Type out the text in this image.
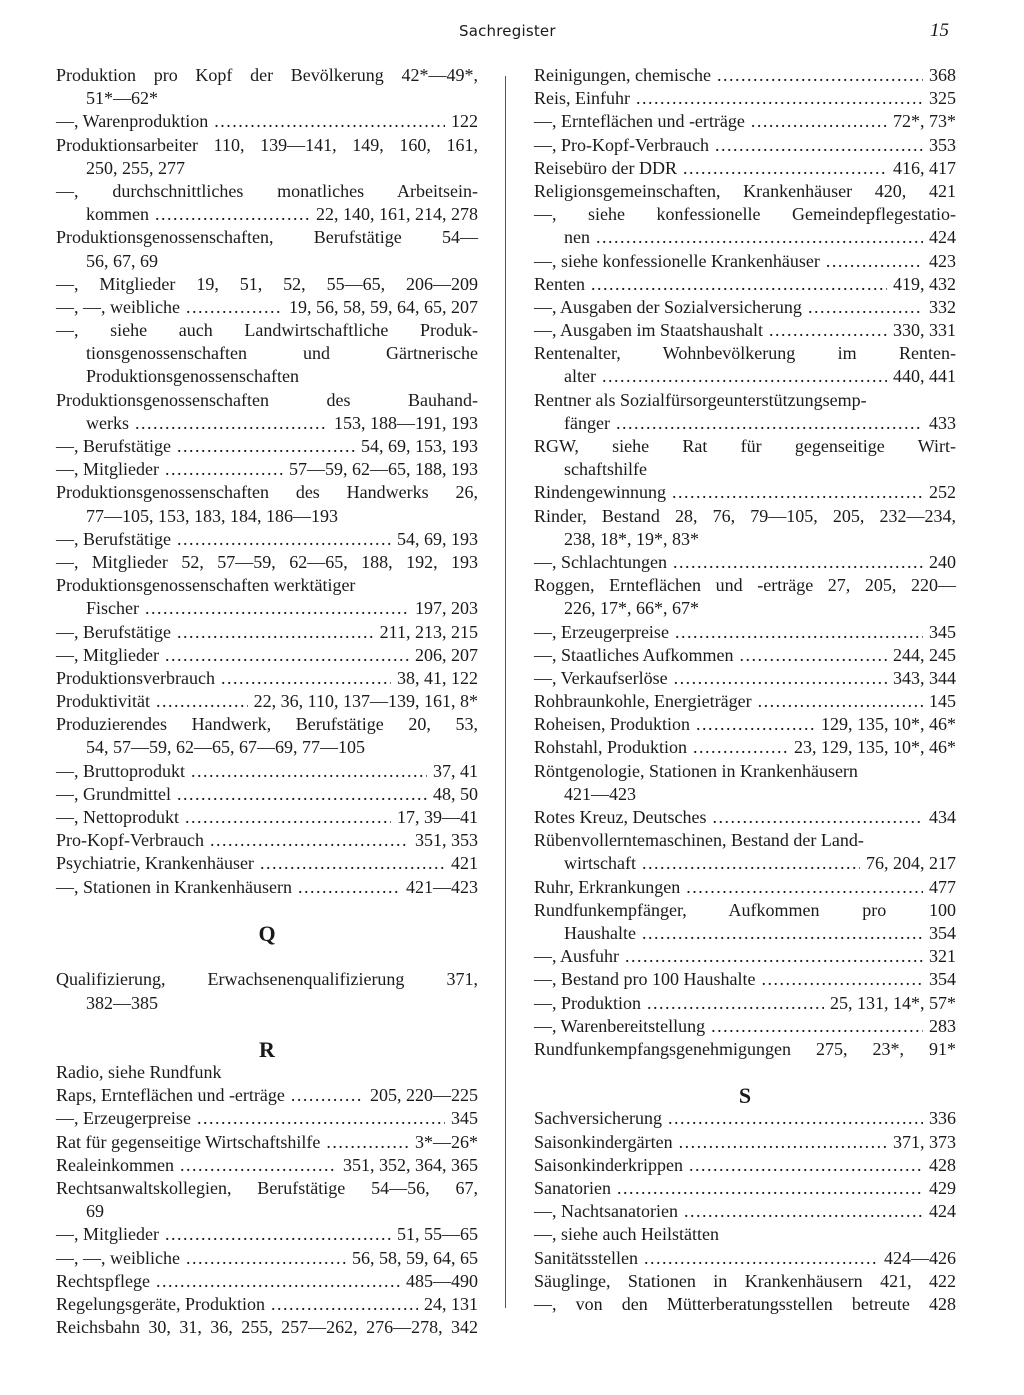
Sachregister	15
Produktion pro Kopf der Bevölkerung 42*—49*,
51*—62*
—, Warenproduktion .....	122
Produktionsarbeiter 110, 139—141, 149, 160, 161,
250, 255, 277
—, durchschnittliches monatliches Arbeitsein-
kommen .....	22, 140, 161, 214, 278
Produktionsgenossenschaften, Berufstätige 54—
56, 67, 69
—, Mitglieder 19, 51, 52, 55—65, 206—209
—, —, weibliche .....	19, 56, 58, 59, 64, 65, 207
—, siehe auch Landwirtschaftliche Produk-
tionsgenossenschaften und Gärtnerische
Produktionsgenossenschaften
Produktionsgenossenschaften des Bauhand-
werks .....	153, 188—191, 193
—, Berufstätige .....	54, 69, 153, 193
—, Mitglieder .....	57—59, 62—65, 188, 193
Produktionsgenossenschaften des Handwerks 26,
77—105, 153, 183, 184, 186—193
—, Berufstätige .....	54, 69, 193
—, Mitglieder 52, 57—59, 62—65, 188, 192, 193
Produktionsgenossenschaften werktätiger
Fischer .....	197, 203
—, Berufstätige .....	211, 213, 215
—, Mitglieder .....	206, 207
Produktionsverbrauch .....	38, 41, 122
Produktivität .....	22, 36, 110, 137—139, 161, 8*
Produzierendes Handwerk, Berufstätige 20, 53,
54, 57—59, 62—65, 67—69, 77—105
—, Bruttoprodukt .....	37, 41
—, Grundmittel .....	48, 50
—, Nettoprodukt .....	17, 39—41
Pro-Kopf-Verbrauch .....	351, 353
Psychiatrie, Krankenhäuser .....	421
—, Stationen in Krankenhäusern .....	421—423
Q
Qualifizierung, Erwachsenenqualifizierung 371,
382—385
R
Radio, siehe Rundfunk
Raps, Ernteflächen und -erträge .....	205, 220—225
—, Erzeugerpreise .....	345
Rat für gegenseitige Wirtschaftshilfe .....	3*—26*
Realeinkommen .....	351, 352, 364, 365
Rechtsanwaltskollegien, Berufstätige 54—56, 67,
69
—, Mitglieder .....	51, 55—65
—, —, weibliche .....	56, 58, 59, 64, 65
Rechtspflege .....	485—490
Regelungsgeräte, Produktion .....	24, 131
Reichsbahn 30, 31, 36, 255, 257—262, 276—278, 342
Reinigungen, chemische .....	368
Reis, Einfuhr .....	325
—, Ernteflächen und -erträge .....	72*, 73*
—, Pro-Kopf-Verbrauch .....	353
Reisebüro der DDR .....	416, 417
Religionsgemeinschaften, Krankenhäuser 420, 421
—, siehe konfessionelle Gemeindepflegestatio-
nen .....	424
—, siehe konfessionelle Krankenhäuser .....	423
Renten .....	419, 432
—, Ausgaben der Sozialversicherung .....	332
—, Ausgaben im Staatshaushalt .....	330, 331
Rentenalter, Wohnbevölkerung im Renten-
alter .....	440, 441
Rentner als Sozialfürsorgeunterstützungsemp-
fänger .....	433
RGW, siehe Rat für gegenseitige Wirt-
schaftshilfe
Rindengewinnung .....	252
Rinder, Bestand 28, 76, 79—105, 205, 232—234,
238, 18*, 19*, 83*
—, Schlachtungen .....	240
Roggen, Ernteflächen und -erträge 27, 205, 220—
226, 17*, 66*, 67*
—, Erzeugerpreise .....	345
—, Staatliches Aufkommen .....	244, 245
—, Verkaufserlöse .....	343, 344
Rohbraunkohle, Energieträger .....	145
Roheisen, Produktion .....	129, 135, 10*, 46*
Rohstahl, Produktion .....	23, 129, 135, 10*, 46*
Röntgenologie, Stationen in Krankenhäusern
421—423
Rotes Kreuz, Deutsches .....	434
Rübenvollerntemaschinen, Bestand der Land-
wirtschaft .....	76, 204, 217
Ruhr, Erkrankungen .....	477
Rundfunkempfänger, Aufkommen pro 100
Haushalte .....	354
—, Ausfuhr .....	321
—, Bestand pro 100 Haushalte .....	354
—, Produktion .....	25, 131, 14*, 57*
—, Warenbereitstellung .....	283
Rundfunkempfangsgenehmigungen 275, 23*, 91*
S
Sachversicherung .....	336
Saisonkindergärten .....	371, 373
Saisonkinderkrippen .....	428
Sanatorien .....	429
—, Nachtsanatorien .....	424
—, siehe auch Heilstätten
Sanitätsstellen .....	424—426
Säuglinge, Stationen in Krankenhäusern 421, 422
—, von den Mütterberatungsstellen betreute 428
